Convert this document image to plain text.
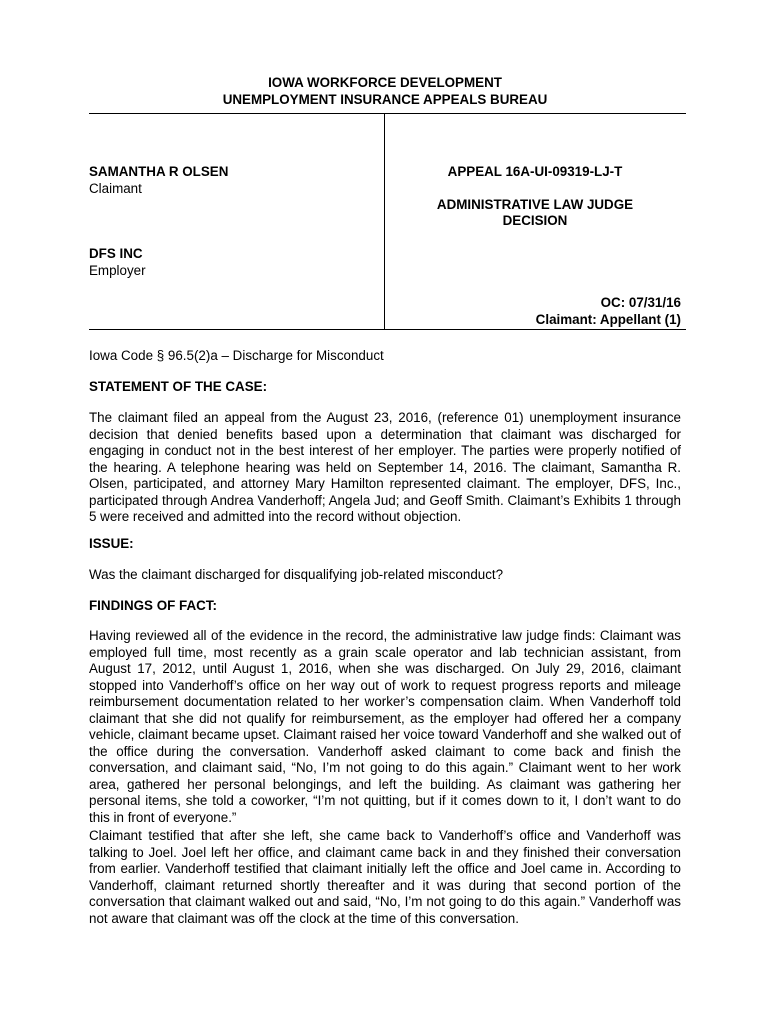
IOWA WORKFORCE DEVELOPMENT
UNEMPLOYMENT INSURANCE APPEALS BUREAU
SAMANTHA R OLSEN
Claimant
DFS INC
Employer
APPEAL 16A-UI-09319-LJ-T
ADMINISTRATIVE LAW JUDGE
DECISION
OC: 07/31/16
Claimant: Appellant (1)
Iowa Code § 96.5(2)a – Discharge for Misconduct
STATEMENT OF THE CASE:
The claimant filed an appeal from the August 23, 2016, (reference 01) unemployment insurance decision that denied benefits based upon a determination that claimant was discharged for engaging in conduct not in the best interest of her employer. The parties were properly notified of the hearing. A telephone hearing was held on September 14, 2016. The claimant, Samantha R. Olsen, participated, and attorney Mary Hamilton represented claimant. The employer, DFS, Inc., participated through Andrea Vanderhoff; Angela Jud; and Geoff Smith. Claimant’s Exhibits 1 through 5 were received and admitted into the record without objection.
ISSUE:
Was the claimant discharged for disqualifying job-related misconduct?
FINDINGS OF FACT:
Having reviewed all of the evidence in the record, the administrative law judge finds: Claimant was employed full time, most recently as a grain scale operator and lab technician assistant, from August 17, 2012, until August 1, 2016, when she was discharged. On July 29, 2016, claimant stopped into Vanderhoff’s office on her way out of work to request progress reports and mileage reimbursement documentation related to her worker’s compensation claim. When Vanderhoff told claimant that she did not qualify for reimbursement, as the employer had offered her a company vehicle, claimant became upset. Claimant raised her voice toward Vanderhoff and she walked out of the office during the conversation. Vanderhoff asked claimant to come back and finish the conversation, and claimant said, “No, I’m not going to do this again.” Claimant went to her work area, gathered her personal belongings, and left the building. As claimant was gathering her personal items, she told a coworker, “I’m not quitting, but if it comes down to it, I don’t want to do this in front of everyone.”
Claimant testified that after she left, she came back to Vanderhoff’s office and Vanderhoff was talking to Joel. Joel left her office, and claimant came back in and they finished their conversation from earlier. Vanderhoff testified that claimant initially left the office and Joel came in. According to Vanderhoff, claimant returned shortly thereafter and it was during that second portion of the conversation that claimant walked out and said, “No, I’m not going to do this again.” Vanderhoff was not aware that claimant was off the clock at the time of this conversation.
